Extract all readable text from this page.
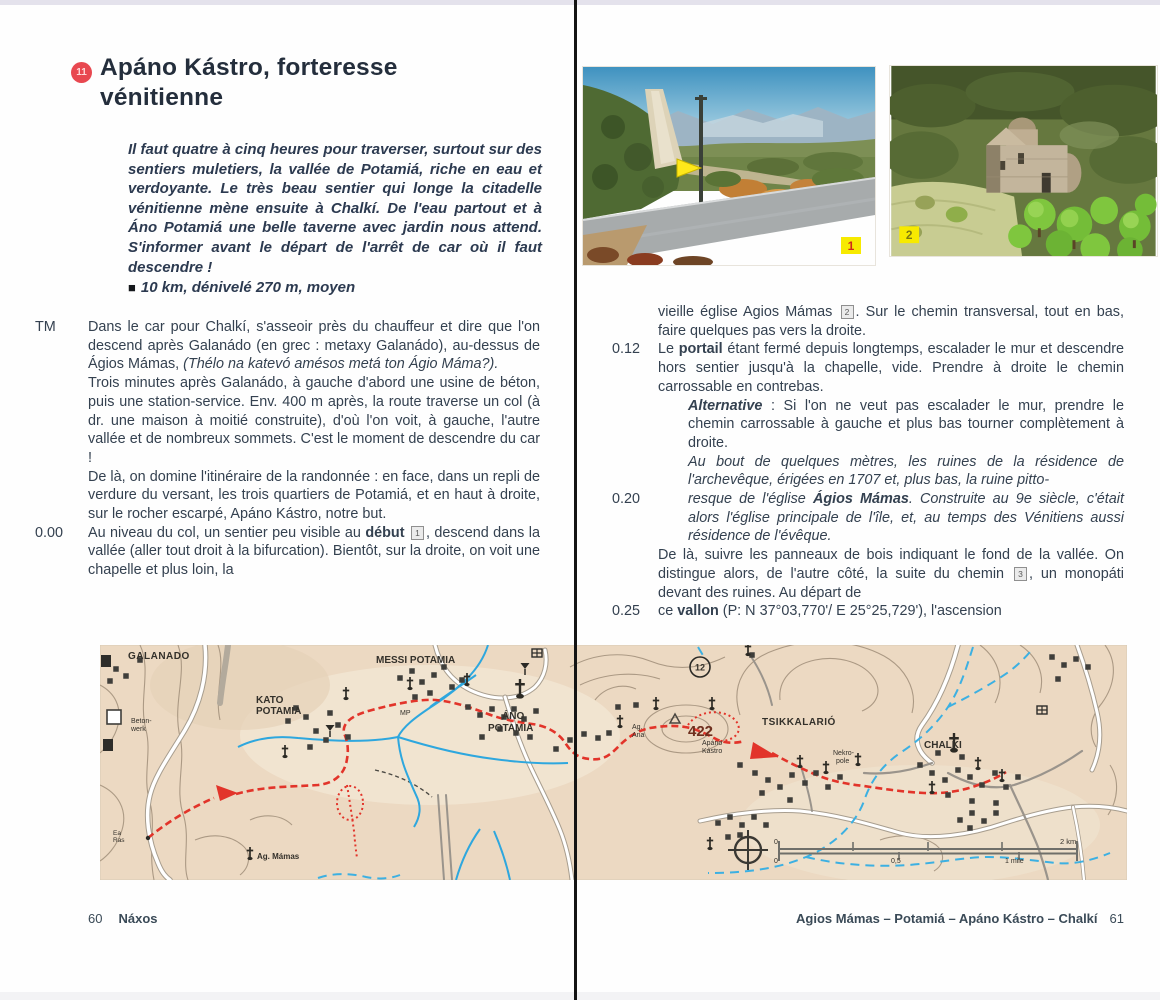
11 Apáno Kástro, forteresse
vénitienne
Il faut quatre à cinq heures pour traverser, surtout sur des sentiers muletiers, la vallée de Potamiá, riche en eau et verdoyante. Le très beau sentier qui longe la citadelle vénitienne mène ensuite à Chalkí. De l'eau partout et à Áno Potamiá une belle taverne avec jardin nous attend. S'informer avant le départ de l'arrêt de car où il faut descendre !
■ 10 km, dénivelé 270 m, moyen
TM	Dans le car pour Chalkí, s'asseoir près du chauffeur et dire que l'on descend après Galanádo (en grec : metaxy Galanádo), au-dessus de Ágios Mámas, (Thélo na katevó amésos metá ton Ágio Máma?).
Trois minutes après Galanádo, à gauche d'abord une usine de béton, puis une station-service. Env. 400 m après, la route traverse un col (à dr. une maison à moitié construite), d'où l'on voit, à gauche, l'autre vallée et de nombreux sommets. C'est le moment de descendre du car !
De là, on domine l'itinéraire de la randonnée : en face, dans un repli de verdure du versant, les trois quartiers de Potamiá, et en haut à droite, sur le rocher escarpé, Apáno Kástro, notre but.
0.00	Au niveau du col, un sentier peu visible au début 1 , descend dans la vallée (aller tout droit à la bifurcation). Bientôt, sur la droite, on voit une chapelle et plus loin, la
1
2
vieille église Agios Mámas 2 . Sur le chemin transversal, tout en bas, faire quelques pas vers la droite.
0.12	Le portail étant fermé depuis longtemps, escalader le mur et descendre hors sentier jusqu'à la chapelle, vide. Prendre à droite le chemin carrossable en contrebas.
Alternative : Si l'on ne veut pas escalader le mur, prendre le chemin carrossable à gauche et plus bas tourner complètement à droite.
Au bout de quelques mètres, les ruines de la résidence de l'archevêque, érigées en 1707 et, plus bas, la ruine pitto-
0.20	resque de l'église Ágios Mámas. Construite au 9e siècle, c'était alors l'église principale de l'île, et, au temps des Vénitiens aussi résidence de l'évêque.
De là, suivre les panneaux de bois indiquant le fond de la vallée. On distingue alors, de l'autre côté, la suite du chemin 3 , un monopáti devant des ruines. Au départ de
0.25	ce vallon (P: N 37°03,770'/ E 25°25,729'), l'ascension
GALANADO
Beton-
werk
KATO
POTAMIA
MESSI POTAMIA
MP	ÁNO
POTAMIA
12
Ag.
Ana	422
Apáno
Kástro	Nekro-
pole
TSIKKALARIÓ
CHALKI
Ag. Mámas
Ea
Ras	0
0	0,5	1 mile
2 km
60 Náxos	Agios Mámas – Potamiá – Apáno Kástro – Chalkí 61
